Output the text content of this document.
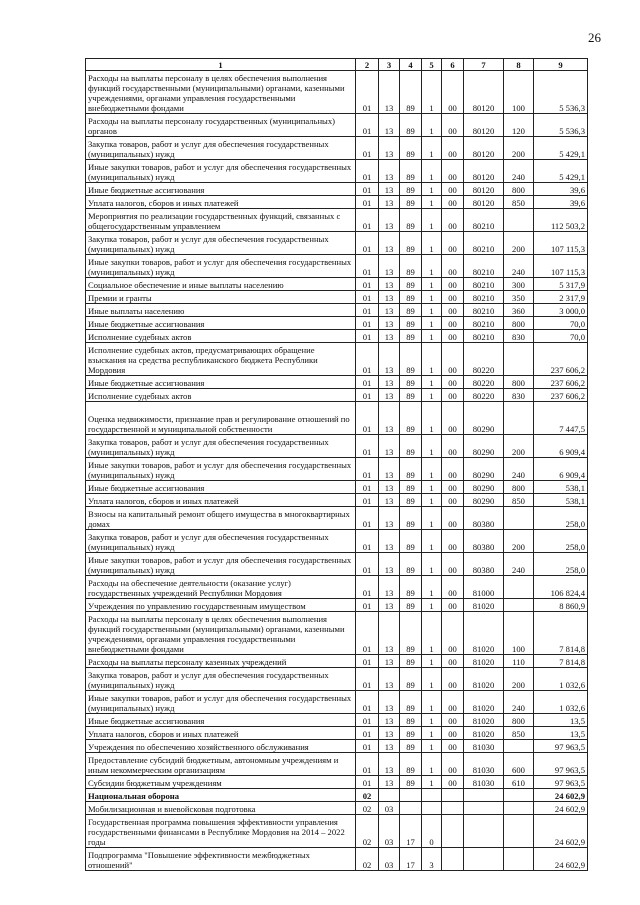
26
1	2	3	4	5	6	7	8	9
Расходы на выплаты персоналу в целях обеспечения выполнения функций государственными (муниципальными) органами, казенными учреждениями, органами управления государственными внебюджетными фондами	01	13	89	1	00	80120	100	5 536,3
Расходы на выплаты персоналу государственных (муниципальных) органов	01	13	89	1	00	80120	120	5 536,3
Закупка товаров, работ и услуг для обеспечения государственных (муниципальных) нужд	01	13	89	1	00	80120	200	5 429,1
Иные закупки товаров, работ и услуг для обеспечения государственных (муниципальных) нужд	01	13	89	1	00	80120	240	5 429,1
Иные бюджетные ассигнования	01	13	89	1	00	80120	800	39,6
Уплата налогов, сборов и иных платежей	01	13	89	1	00	80120	850	39,6
Мероприятия по реализации государственных функций, связанных с общегосударственным управлением	01	13	89	1	00	80210		112 503,2
Закупка товаров, работ и услуг для обеспечения государственных (муниципальных) нужд	01	13	89	1	00	80210	200	107 115,3
Иные закупки товаров, работ и услуг для обеспечения государственных (муниципальных) нужд	01	13	89	1	00	80210	240	107 115,3
Социальное обеспечение и иные выплаты населению	01	13	89	1	00	80210	300	5 317,9
Премии и гранты	01	13	89	1	00	80210	350	2 317,9
Иные выплаты населению	01	13	89	1	00	80210	360	3 000,0
Иные бюджетные ассигнования	01	13	89	1	00	80210	800	70,0
Исполнение судебных актов	01	13	89	1	00	80210	830	70,0
Исполнение судебных актов, предусматривающих обращение взыскания на средства республиканского бюджета Республики Мордовия	01	13	89	1	00	80220		237 606,2
Иные бюджетные ассигнования	01	13	89	1	00	80220	800	237 606,2
Исполнение судебных актов	01	13	89	1	00	80220	830	237 606,2
Оценка недвижимости, признание прав и регулирование отношений по государственной и муниципальной собственности	01	13	89	1	00	80290		7 447,5
Закупка товаров, работ и услуг для обеспечения государственных (муниципальных) нужд	01	13	89	1	00	80290	200	6 909,4
Иные закупки товаров, работ и услуг для обеспечения государственных (муниципальных) нужд	01	13	89	1	00	80290	240	6 909,4
Иные бюджетные ассигнования	01	13	89	1	00	80290	800	538,1
Уплата налогов, сборов и иных платежей	01	13	89	1	00	80290	850	538,1
Взносы на капитальный ремонт общего имущества в многоквартирных домах	01	13	89	1	00	80380		258,0
Закупка товаров, работ и услуг для обеспечения государственных (муниципальных) нужд	01	13	89	1	00	80380	200	258,0
Иные закупки товаров, работ и услуг для обеспечения государственных (муниципальных) нужд	01	13	89	1	00	80380	240	258,0
Расходы на обеспечение деятельности (оказание услуг) государственных учреждений Республики Мордовия	01	13	89	1	00	81000		106 824,4
Учреждения по управлению государственным имуществом	01	13	89	1	00	81020		8 860,9
Расходы на выплаты персоналу в целях обеспечения выполнения функций государственными (муниципальными) органами, казенными учреждениями, органами управления государственными внебюджетными фондами	01	13	89	1	00	81020	100	7 814,8
Расходы на выплаты персоналу казенных учреждений	01	13	89	1	00	81020	110	7 814,8
Закупка товаров, работ и услуг для обеспечения государственных (муниципальных) нужд	01	13	89	1	00	81020	200	1 032,6
Иные закупки товаров, работ и услуг для обеспечения государственных (муниципальных) нужд	01	13	89	1	00	81020	240	1 032,6
Иные бюджетные ассигнования	01	13	89	1	00	81020	800	13,5
Уплата налогов, сборов и иных платежей	01	13	89	1	00	81020	850	13,5
Учреждения по обеспечению хозяйственного обслуживания	01	13	89	1	00	81030		97 963,5
Предоставление субсидий бюджетным, автономным учреждениям и иным некоммерческим организациям	01	13	89	1	00	81030	600	97 963,5
Субсидии бюджетным учреждениям	01	13	89	1	00	81030	610	97 963,5
Национальная оборона	02							24 602,9
Мобилизационная и вневойсковая подготовка	02	03						24 602,9
Государственная программа повышения эффективности управления государственными финансами в Республике Мордовия на 2014 – 2022 годы	02	03	17	0				24 602,9
Подпрограмма "Повышение эффективности межбюджетных отношений"	02	03	17	3				24 602,9
